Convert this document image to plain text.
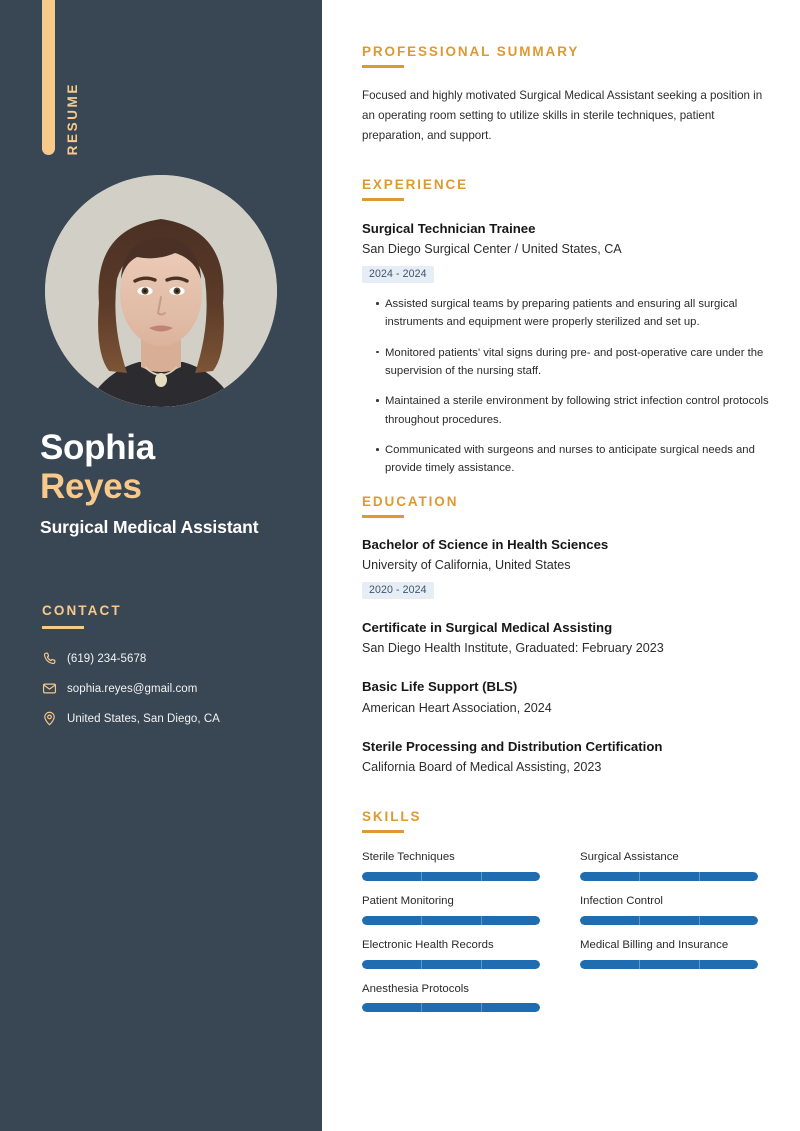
RESUME
Sophia
Reyes
Surgical Medical Assistant
CONTACT
(619) 234-5678
sophia.reyes@gmail.com
United States, San Diego, CA
PROFESSIONAL SUMMARY

Focused and highly motivated Surgical Medical Assistant seeking a position in an operating room setting to utilize skills in sterile techniques, patient preparation, and support.

EXPERIENCE
Surgical Technician Trainee
San Diego Surgical Center / United States, CA
2024 - 2024
Assisted surgical teams by preparing patients and ensuring all surgical instruments and equipment were properly sterilized and set up.
Monitored patients' vital signs during pre- and post-operative care under the supervision of the nursing staff.
Maintained a sterile environment by following strict infection control protocols throughout procedures.
Communicated with surgeons and nurses to anticipate surgical needs and provide timely assistance.
EDUCATION
Bachelor of Science in Health Sciences
University of California, United States
2020 - 2024
Certificate in Surgical Medical Assisting
San Diego Health Institute, Graduated: February 2023
Basic Life Support (BLS)
American Heart Association, 2024
Sterile Processing and Distribution Certification
California Board of Medical Assisting, 2023
SKILLS
Sterile Techniques	Surgical Assistance
Patient Monitoring	Infection Control
Electronic Health Records	Medical Billing and Insurance
Anesthesia Protocols
